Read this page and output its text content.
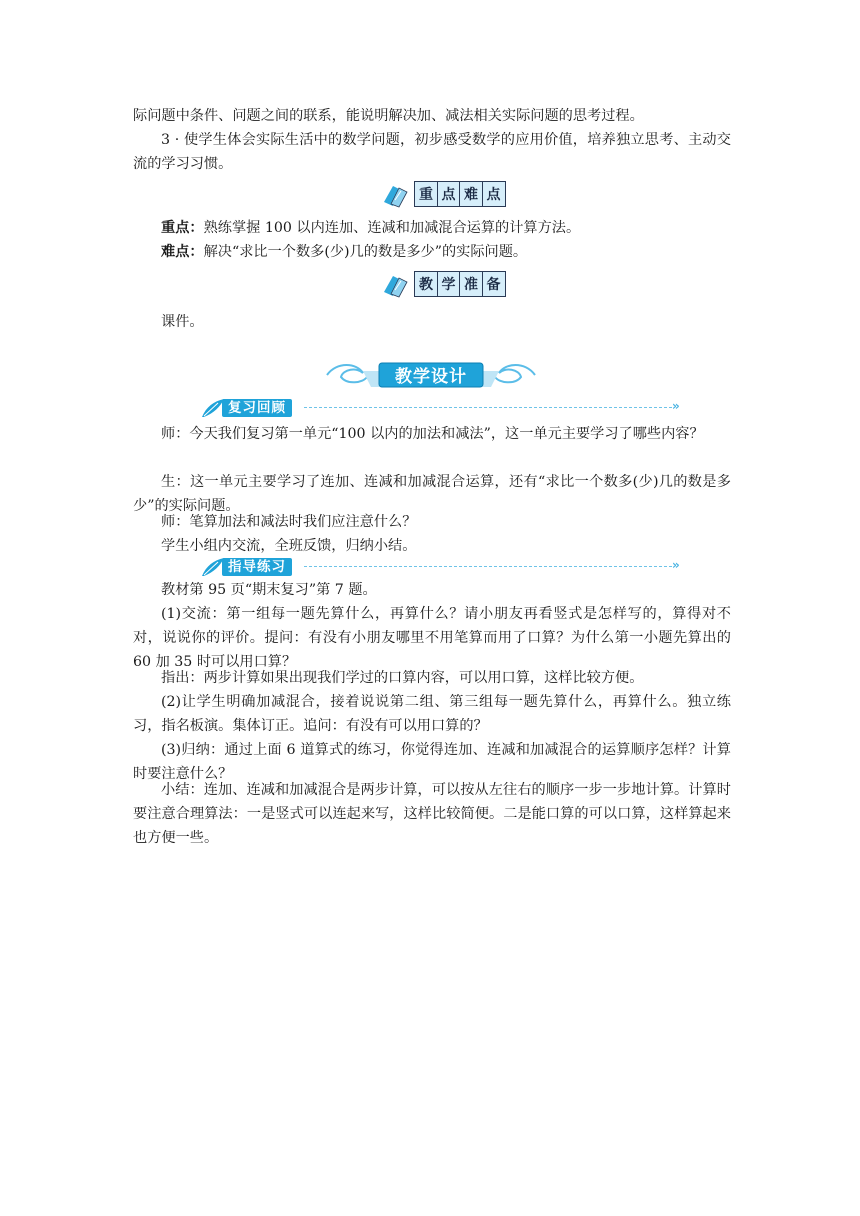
际问题中条件、问题之间的联系，能说明解决加、减法相关实际问题的思考过程。

3 · 使学生体会实际生活中的数学问题，初步感受数学的应用价值，培养独立思考、主动交流的学习习惯。

重 点 难 点

重点：熟练掌握 100 以内连加、连减和加减混合运算的计算方法。

难点：解决“求比一个数多(少)几的数是多少”的实际问题。

教 学 准 备

课件。

教学设计
复习回顾	»

师：今天我们复习第一单元“100 以内的加法和减法”，这一单元主要学习了哪些内容？

生：这一单元主要学习了连加、连减和加减混合运算，还有“求比一个数多(少)几的数是多少”的实际问题。

师：笔算加法和减法时我们应注意什么？

学生小组内交流，全班反馈，归纳小结。

指导练习	»

教材第 95 页“期末复习”第 7 题。

(1)交流：第一组每一题先算什么，再算什么？请小朋友再看竖式是怎样写的，算得对不对，说说你的评价。提问：有没有小朋友哪里不用笔算而用了口算？为什么第一小题先算出的 60 加 35 时可以用口算？

指出：两步计算如果出现我们学过的口算内容，可以用口算，这样比较方便。

(2)让学生明确加减混合，接着说说第二组、第三组每一题先算什么，再算什么。独立练习，指名板演。集体订正。追问：有没有可以用口算的？

(3)归纳：通过上面 6 道算式的练习，你觉得连加、连减和加减混合的运算顺序怎样？计算时要注意什么？

小结：连加、连减和加减混合是两步计算，可以按从左往右的顺序一步一步地计算。计算时要注意合理算法：一是竖式可以连起来写，这样比较简便。二是能口算的可以口算，这样算起来也方便一些。
